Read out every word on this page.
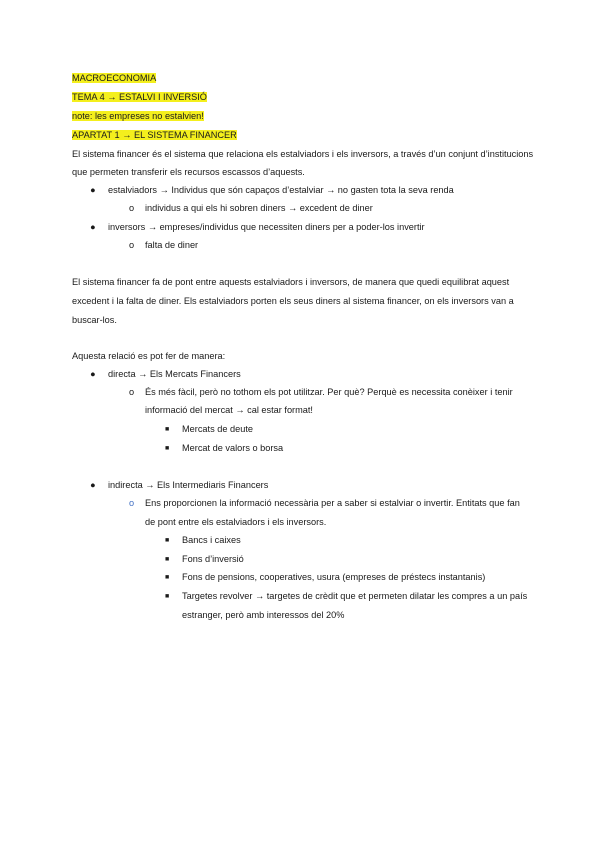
MACROECONOMIA
TEMA 4 → ESTALVI I INVERSIÓ
note: les empreses no estalvien!
APARTAT 1 → EL SISTEMA FINANCER
El sistema financer és el sistema que relaciona els estalviadors i els inversors, a través d’un conjunt d’institucions
que permeten transferir els recursos escassos d’aquests.
● estalviadors → Individus que són capaços d’estalviar → no gasten tota la seva renda
o individus a qui els hi sobren diners → excedent de diner
● inversors → empreses/individus que necessiten diners per a poder-los invertir
o falta de diner
El sistema financer fa de pont entre aquests estalviadors i inversors, de manera que quedi equilibrat aquest
excedent i la falta de diner. Els estalviadors porten els seus diners al sistema financer, on els inversors van a
buscar-los.
Aquesta relació es pot fer de manera:
● directa → Els Mercats Financers
o És més fàcil, però no tothom els pot utilitzar. Per què? Perquè es necessita conèixer i tenir
informació del mercat → cal estar format!
■ Mercats de deute
■ Mercat de valors o borsa
● indirecta → Els Intermediaris Financers
o Ens proporcionen la informació necessària per a saber si estalviar o invertir. Entitats que fan
de pont entre els estalviadors i els inversors.
■ Bancs i caixes
■ Fons d’inversió
■ Fons de pensions, cooperatives, usura (empreses de préstecs instantanis)
■ Targetes revolver → targetes de crèdit que et permeten dilatar les compres a un país
estranger, però amb interessos del 20%
